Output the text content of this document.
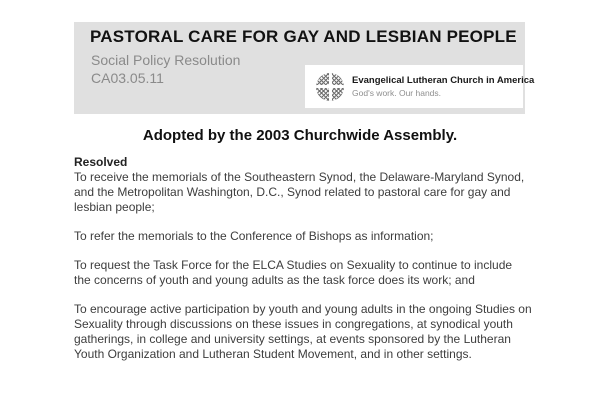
PASTORAL CARE FOR GAY AND LESBIAN PEOPLE
Social Policy Resolution
CA03.05.11	Evangelical Lutheran Church in America
God's work. Our hands.
Adopted by the 2003 Churchwide Assembly.
Resolved

To receive the memorials of the Southeastern Synod, the Delaware-Maryland Synod, and the Metropolitan Washington, D.C., Synod related to pastoral care for gay and lesbian people;

To refer the memorials to the Conference of Bishops as information;

To request the Task Force for the ELCA Studies on Sexuality to continue to include the concerns of youth and young adults as the task force does its work; and

To encourage active participation by youth and young adults in the ongoing Studies on Sexuality through discussions on these issues in congregations, at synodical youth gatherings, in college and university settings, at events sponsored by the Lutheran Youth Organization and Lutheran Student Movement, and in other settings.
